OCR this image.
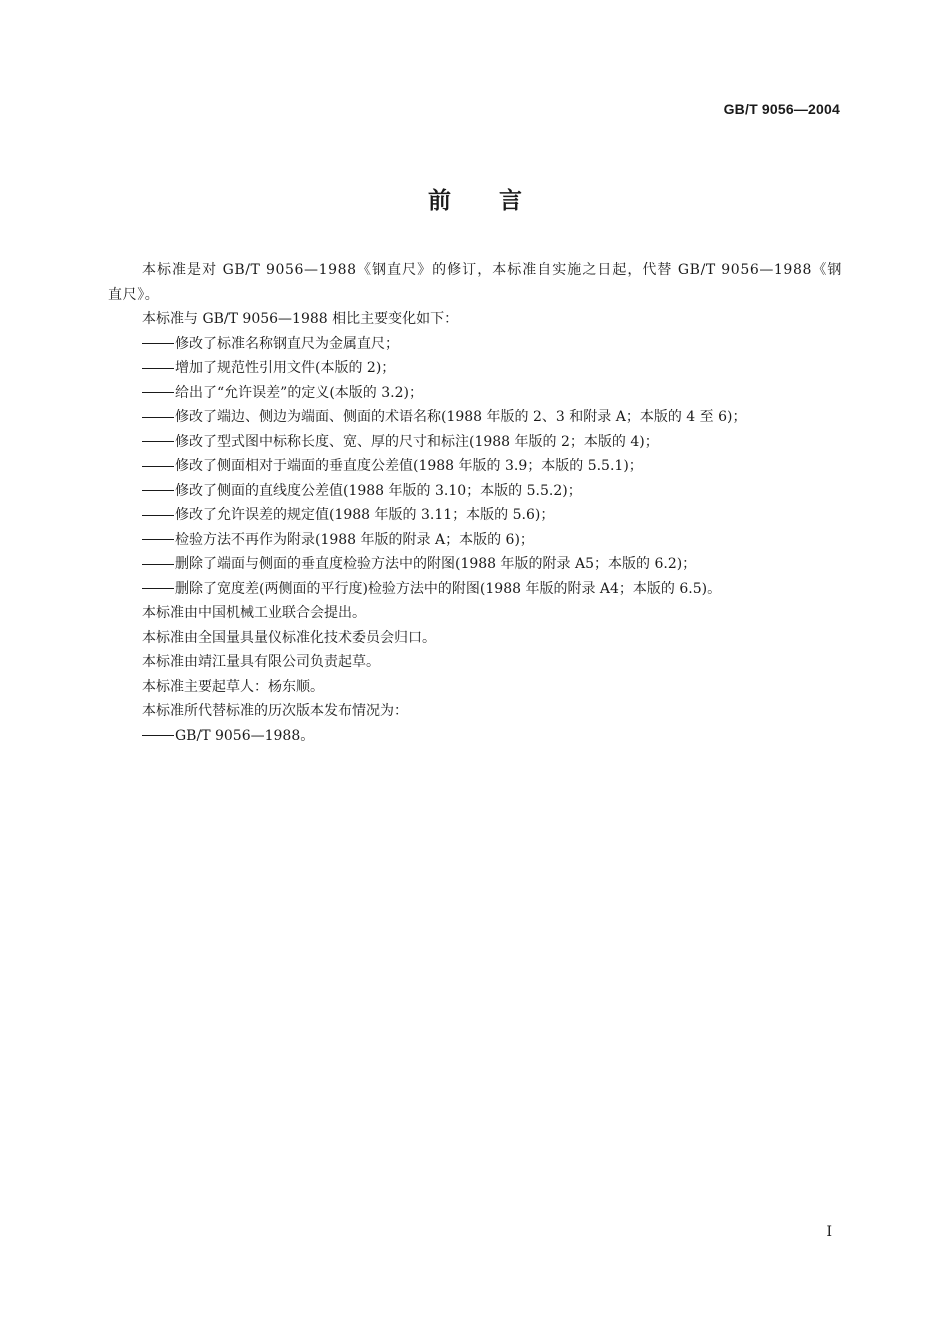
GB/T 9056—2004
前言

本标准是对 GB/T 9056—1988《钢直尺》的修订，本标准自实施之日起，代替 GB/T 9056—1988《钢直尺》。

本标准与 GB/T 9056—1988 相比主要变化如下：

修改了标准名称钢直尺为金属直尺；

增加了规范性引用文件(本版的 2)；

给出了“允许误差”的定义(本版的 3.2)；

修改了端边、侧边为端面、侧面的术语名称(1988 年版的 2、3 和附录 A；本版的 4 至 6)；

修改了型式图中标称长度、宽、厚的尺寸和标注(1988 年版的 2；本版的 4)；

修改了侧面相对于端面的垂直度公差值(1988 年版的 3.9；本版的 5.5.1)；

修改了侧面的直线度公差值(1988 年版的 3.10；本版的 5.5.2)；

修改了允许误差的规定值(1988 年版的 3.11；本版的 5.6)；

检验方法不再作为附录(1988 年版的附录 A；本版的 6)；

删除了端面与侧面的垂直度检验方法中的附图(1988 年版的附录 A5；本版的 6.2)；

删除了宽度差(两侧面的平行度)检验方法中的附图(1988 年版的附录 A4；本版的 6.5)。

本标准由中国机械工业联合会提出。

本标准由全国量具量仪标准化技术委员会归口。

本标准由靖江量具有限公司负责起草。

本标准主要起草人：杨东顺。

本标准所代替标准的历次版本发布情况为：

GB/T 9056—1988。

I
